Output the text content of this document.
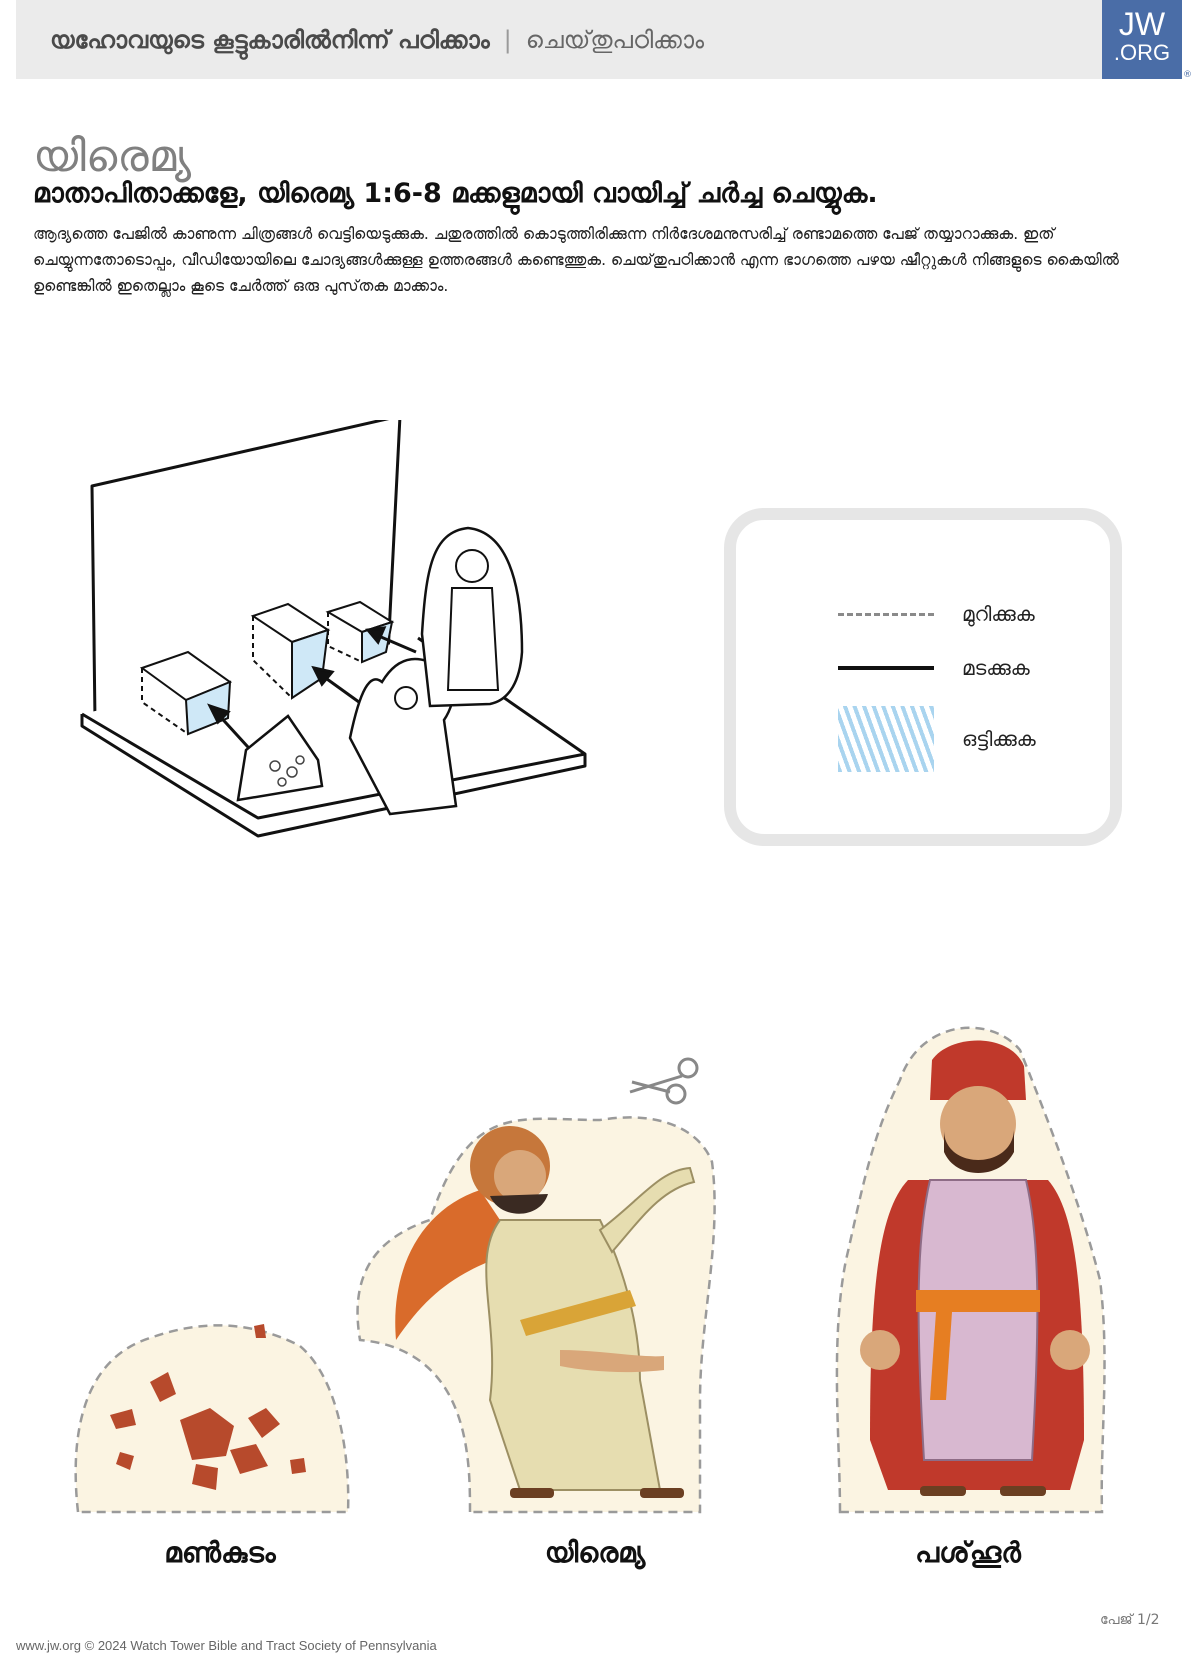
യഹോവയുടെ കൂട്ടുകാരിൽനിന്ന് പഠിക്കാം | ചെയ്‌തുപഠിക്കാം	JW
.ORG
®
യിരെമ്യ
മാതാപിതാക്കളേ, യിരെമ്യ 1:6-8 മക്കളുമായി വായിച്ച് ചർച്ച ചെയ്യുക.
ആദ്യത്തെ പേജിൽ കാണുന്ന ചിത്രങ്ങൾ വെട്ടിയെടുക്കുക. ചതുരത്തിൽ കൊടുത്തിരിക്കുന്ന നിർദേശമനുസരിച്ച് രണ്ടാമത്തെ പേജ് തയ്യാറാക്കുക. ഇത് ചെയ്യുന്നതോടൊപ്പം, വീഡിയോയിലെ ചോദ്യങ്ങൾക്കുള്ള ഉത്തരങ്ങൾ കണ്ടെത്തുക. ചെയ്‌തുപഠിക്കാൻ എന്ന ഭാഗത്തെ പഴയ ഷീറ്റുകൾ നിങ്ങളുടെ കൈയിൽ ഉണ്ടെങ്കിൽ ഇതെല്ലാം കൂടെ ചേർത്ത് ഒരു പുസ്‌തക മാക്കാം.
മുറിക്കുക
മടക്കുക
ഒട്ടിക്കുക
മൺകുടം	യിരെമ്യ	പശ്‌ഹൂർ
പേജ് 1/2
www.jw.org © 2024 Watch Tower Bible and Tract Society of Pennsylvania
